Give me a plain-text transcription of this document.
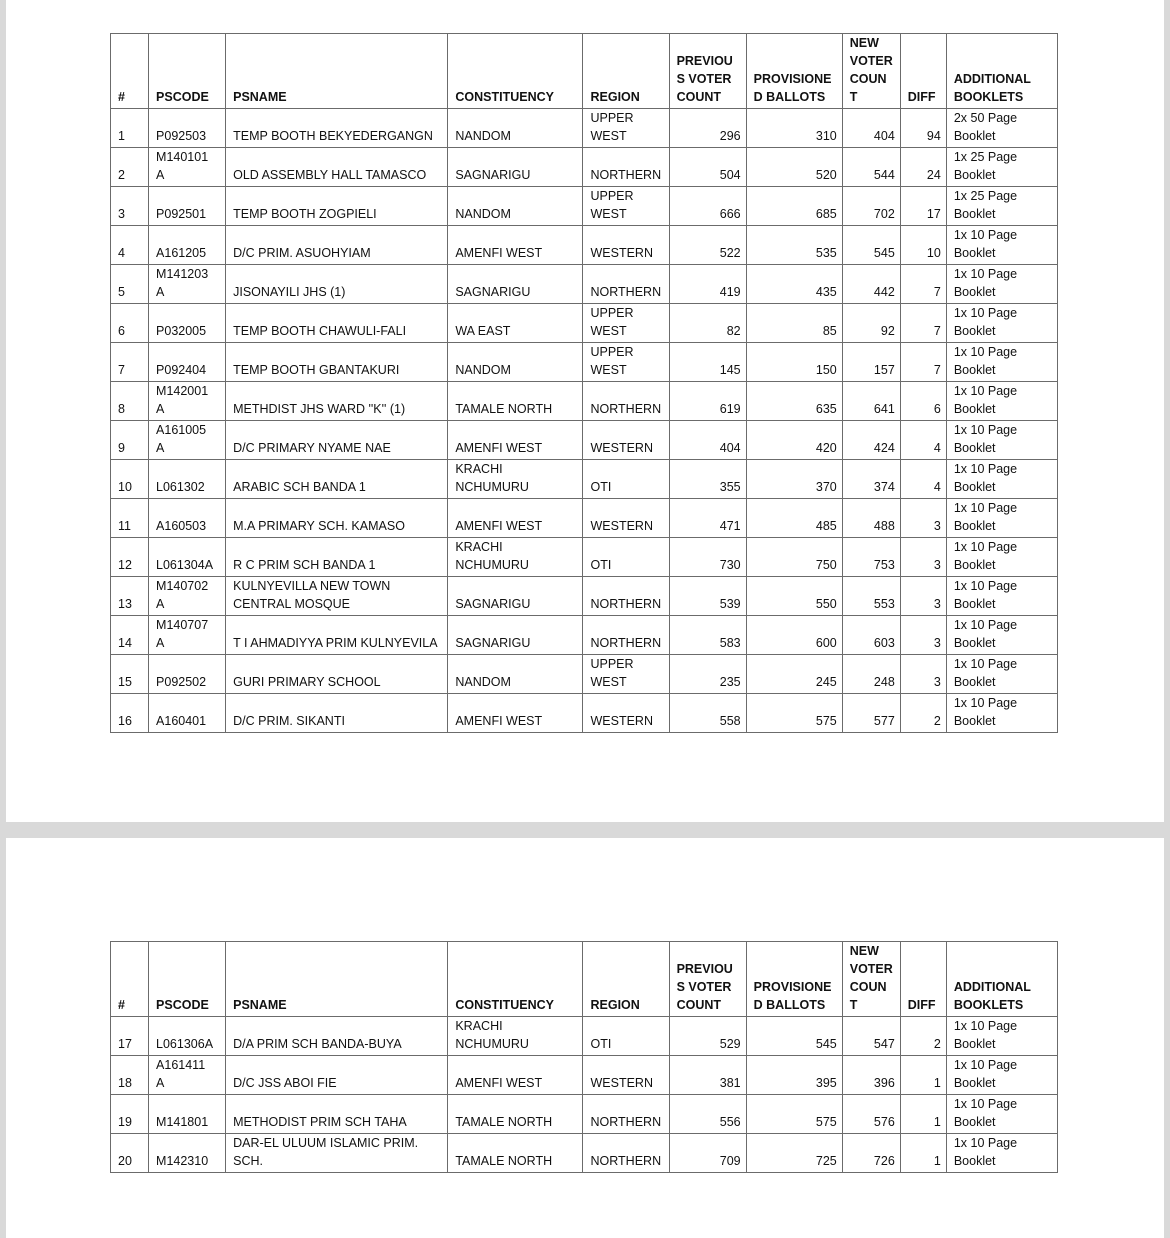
#	PSCODE	PSNAME	CONSTITUENCY	REGION	PREVIOU
S VOTER
COUNT	PROVISIONE
D BALLOTS	NEW
VOTER
COUN
T	DIFF	ADDITIONAL
BOOKLETS
1	P092503	TEMP BOOTH BEKYEDERGANGN	NANDOM	UPPER
WEST	296	310	404	94	2x 50 Page
Booklet
2	M140101
A	OLD ASSEMBLY HALL TAMASCO	SAGNARIGU	NORTHERN	504	520	544	24	1x 25 Page
Booklet
3	P092501	TEMP BOOTH ZOGPIELI	NANDOM	UPPER
WEST	666	685	702	17	1x 25 Page
Booklet
4	A161205	D/C PRIM. ASUOHYIAM	AMENFI WEST	WESTERN	522	535	545	10	1x 10 Page
Booklet
5	M141203
A	JISONAYILI JHS (1)	SAGNARIGU	NORTHERN	419	435	442	7	1x 10 Page
Booklet
6	P032005	TEMP BOOTH CHAWULI-FALI	WA EAST	UPPER
WEST	82	85	92	7	1x 10 Page
Booklet
7	P092404	TEMP BOOTH GBANTAKURI	NANDOM	UPPER
WEST	145	150	157	7	1x 10 Page
Booklet
8	M142001
A	METHDIST JHS WARD ''K'' (1)	TAMALE NORTH	NORTHERN	619	635	641	6	1x 10 Page
Booklet
9	A161005
A	D/C PRIMARY NYAME NAE	AMENFI WEST	WESTERN	404	420	424	4	1x 10 Page
Booklet
10	L061302	ARABIC SCH BANDA 1	KRACHI
NCHUMURU	OTI	355	370	374	4	1x 10 Page
Booklet
11	A160503	M.A PRIMARY SCH. KAMASO	AMENFI WEST	WESTERN	471	485	488	3	1x 10 Page
Booklet
12	L061304A	R C PRIM SCH BANDA 1	KRACHI
NCHUMURU	OTI	730	750	753	3	1x 10 Page
Booklet
13	M140702
A	KULNYEVILLA NEW TOWN
CENTRAL MOSQUE	SAGNARIGU	NORTHERN	539	550	553	3	1x 10 Page
Booklet
14	M140707
A	T I AHMADIYYA PRIM KULNYEVILA	SAGNARIGU	NORTHERN	583	600	603	3	1x 10 Page
Booklet
15	P092502	GURI PRIMARY SCHOOL	NANDOM	UPPER
WEST	235	245	248	3	1x 10 Page
Booklet
16	A160401	D/C PRIM. SIKANTI	AMENFI WEST	WESTERN	558	575	577	2	1x 10 Page
Booklet
#	PSCODE	PSNAME	CONSTITUENCY	REGION	PREVIOU
S VOTER
COUNT	PROVISIONE
D BALLOTS	NEW
VOTER
COUN
T	DIFF	ADDITIONAL
BOOKLETS
17	L061306A	D/A PRIM SCH BANDA-BUYA	KRACHI
NCHUMURU	OTI	529	545	547	2	1x 10 Page
Booklet
18	A161411
A	D/C JSS ABOI FIE	AMENFI WEST	WESTERN	381	395	396	1	1x 10 Page
Booklet
19	M141801	METHODIST PRIM SCH TAHA	TAMALE NORTH	NORTHERN	556	575	576	1	1x 10 Page
Booklet
20	M142310	DAR-EL ULUUM ISLAMIC PRIM.
SCH.	TAMALE NORTH	NORTHERN	709	725	726	1	1x 10 Page
Booklet
